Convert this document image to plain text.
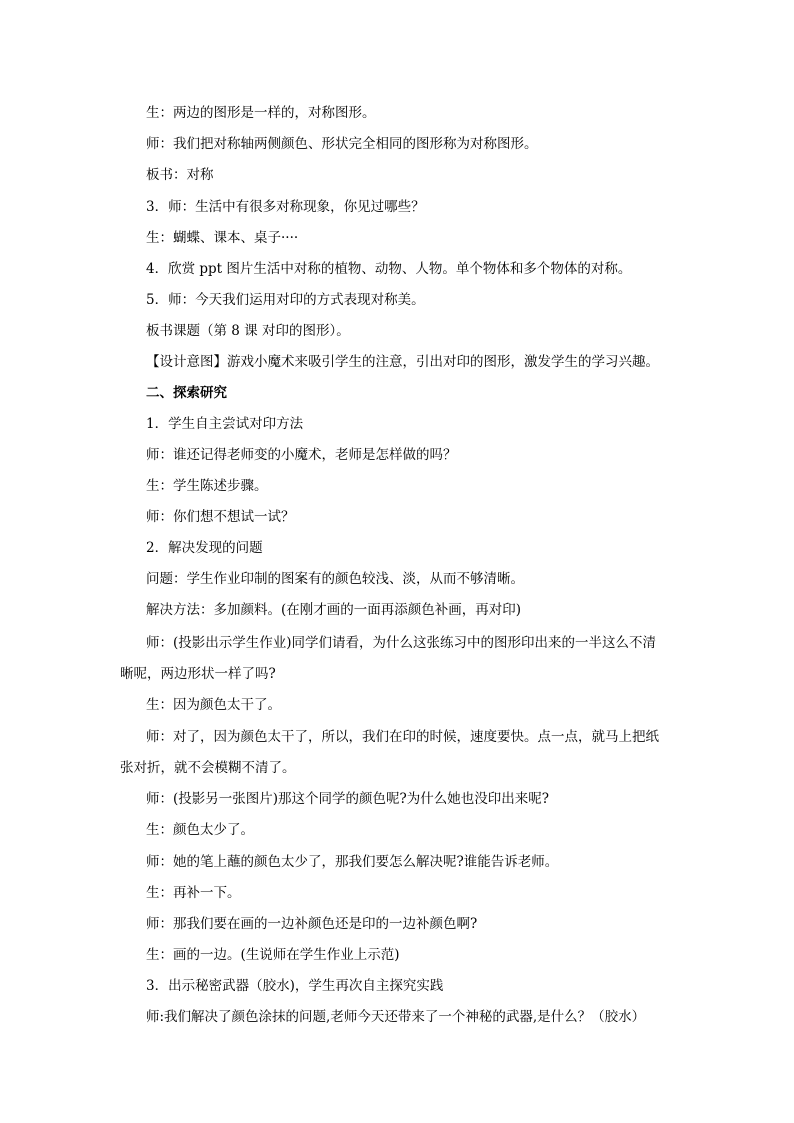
生：两边的图形是一样的，对称图形。
师：我们把对称轴两侧颜色、形状完全相同的图形称为对称图形。
板书：对称
3．师：生活中有很多对称现象，你见过哪些？
生：蝴蝶、课本、桌子····
4．欣赏 ppt 图片生活中对称的植物、动物、人物。单个物体和多个物体的对称。
5．师：今天我们运用对印的方式表现对称美。
板书课题（第 8 课 对印的图形）。
【设计意图】游戏小魔术来吸引学生的注意，引出对印的图形，激发学生的学习兴趣。
二、探索研究
1．学生自主尝试对印方法
师：谁还记得老师变的小魔术，老师是怎样做的吗？
生：学生陈述步骤。
师：你们想不想试一试？
2．解决发现的问题
问题：学生作业印制的图案有的颜色较浅、淡，从而不够清晰。
解决方法：多加颜料。(在刚才画的一面再添颜色补画，再对印)
师：(投影出示学生作业)同学们请看，为什么这张练习中的图形印出来的一半这么不清
晰呢，两边形状一样了吗?
生：因为颜色太干了。
师：对了，因为颜色太干了，所以，我们在印的时候，速度要快。点一点，就马上把纸
张对折，就不会模糊不清了。
师：(投影另一张图片)那这个同学的颜色呢?为什么她也没印出来呢?
生：颜色太少了。
师：她的笔上蘸的颜色太少了，那我们要怎么解决呢?谁能告诉老师。
生：再补一下。
师：那我们要在画的一边补颜色还是印的一边补颜色啊?
生：画的一边。(生说师在学生作业上示范)
3．出示秘密武器（胶水)，学生再次自主探究实践
师:我们解决了颜色涂抹的问题,老师今天还带来了一个神秘的武器,是什么？（胶水）
